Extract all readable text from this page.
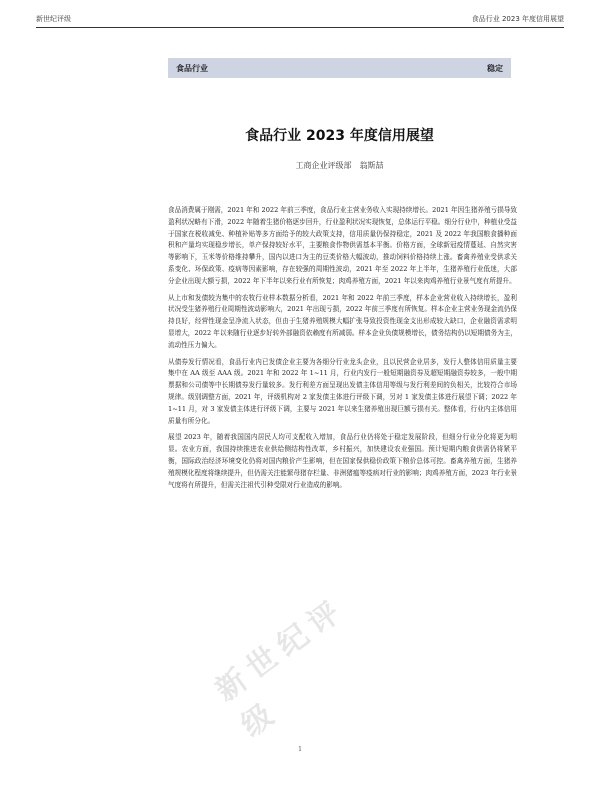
新世纪评级	食品行业 2023 年度信用展望
食品行业	稳定
食品行业 2023 年度信用展望
工商企业评级部　翁斯喆

食品消费属于刚需，2021 年和 2022 年前三季度，食品行业主营业务收入实现持续增长。2021 年因生猪养殖亏损导致盈利状况略有下滑，2022 年随着生猪价格逐步回升，行业盈利状况实现恢复，总体运行平稳。细分行业中，种植业受益于国家在税收减免、种植补贴等多方面给予的较大政策支持，信用质量仍保持稳定，2021 及 2022 年我国粮食播种面积和产量均实现稳步增长，单产保持较好水平，主要粮食作物供需基本平衡。价格方面，全球新冠疫情蔓延、自然灾害等影响下，玉米等价格维持攀升，国内以进口为主的豆类价格大幅波动，推动饲料价格持续上涨。畜禽养殖业受供求关系变化、环保政策、疫病等因素影响，存在较强的周期性波动，2021 年至 2022 年上半年，生猪养殖行业低迷，大部分企业出现大额亏损，2022 年下半年以来行业有所恢复；肉鸡养殖方面，2021 年以来肉鸡养殖行业景气度有所提升。

从上市和发债较为集中的农牧行业样本数据分析看，2021 年和 2022 年前三季度，样本企业营业收入持续增长，盈利状况受生猪养殖行业周期性波动影响大，2021 年出现亏损，2022 年前三季度有所恢复。样本企业主营业务现金流仍保持良好，经营性现金呈净流入状态，但由于生猪养殖规模大幅扩张导致投资性现金支出形成较大缺口，企业融资需求明显增大，2022 年以来随行业逐步好转外部融资依赖度有所减弱。样本企业负债规模增长，债务结构仍以短期债务为主，流动性压力偏大。

从债券发行情况看，食品行业内已发债企业主要为各细分行业龙头企业，且以民营企业居多，发行人整体信用质量主要集中在 AA 级至 AAA 级。2021 年和 2022 年 1~11 月，行业内发行一般短期融资券及超短期融资券较多，一般中期票据和公司债等中长期债券发行量较多。发行利差方面呈现出发债主体信用等级与发行利差间的负相关，比较符合市场规律。级别调整方面，2021 年，评级机构对 2 家发债主体进行评级下调，另对 1 家发债主体进行展望下调；2022 年 1~11 月，对 3 家发债主体进行评级下调，主要与 2021 年以来生猪养殖出现巨额亏损有关。整体看，行业内主体信用质量有所分化。

展望 2023 年，随着我国国内居民人均可支配收入增加，食品行业仍将处于稳定发展阶段，但细分行业分化将更为明显。农业方面，我国持续推进农业供给侧结构性改革，乡村振兴，加快建设农业强国。预计短期内粮食供需仍将紧平衡，国际政治经济环境变化仍将对国内粮价产生影响，但在国家保供稳价政策下粮价总体可控。畜禽养殖方面，生猪养殖规模化程度将继续提升，但仍需关注能繁母猪存栏量、非洲猪瘟等疫病对行业的影响；肉鸡养殖方面，2023 年行业景气度将有所提升，但需关注祖代引种受限对行业造成的影响。

新世纪评级
1
